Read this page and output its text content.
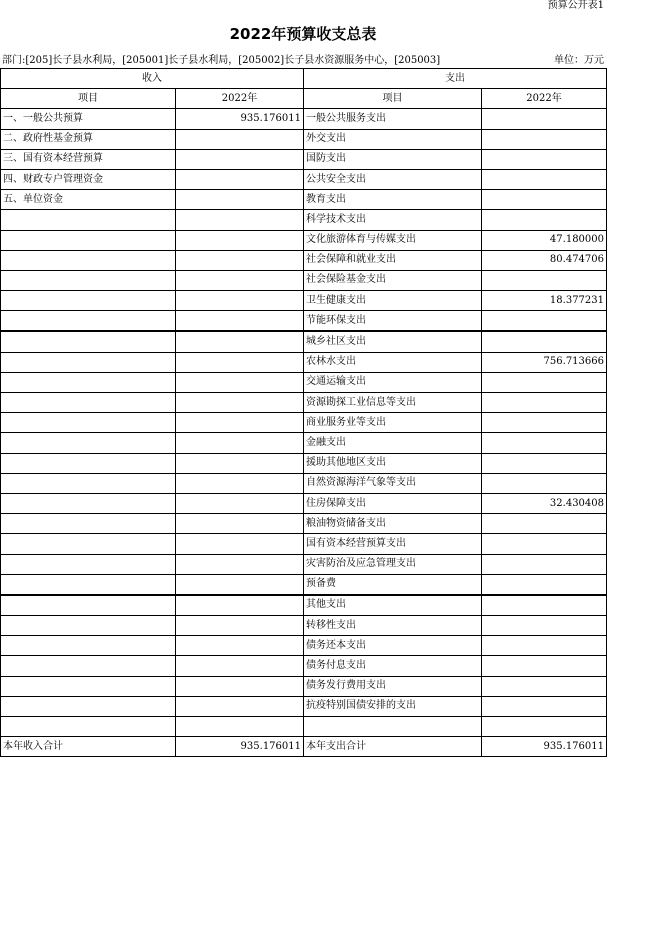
预算公开表1
2022年预算收支总表
部门:[205]长子县水利局，[205001]长子县水利局，[205002]长子县水资源服务中心，[205003]	单位：万元
收入		支出	
项目	2022年	项目	2022年
一、一般公共预算	935.176011	一般公共服务支出	
二、政府性基金预算		外交支出	
三、国有资本经营预算		国防支出	
四、财政专户管理资金		公共安全支出	
五、单位资金		教育支出	
		科学技术支出	
		文化旅游体育与传媒支出	47.180000
		社会保障和就业支出	80.474706
		社会保险基金支出	
		卫生健康支出	18.377231
		节能环保支出	
		城乡社区支出	
		农林水支出	756.713666
		交通运输支出	
		资源勘探工业信息等支出	
		商业服务业等支出	
		金融支出	
		援助其他地区支出	
		自然资源海洋气象等支出	
		住房保障支出	32.430408
		粮油物资储备支出	
		国有资本经营预算支出	
		灾害防治及应急管理支出	
		预备费	
		其他支出	
		转移性支出	
		债务还本支出	
		债务付息支出	
		债务发行费用支出	
		抗疫特别国债安排的支出	

本年收入合计	935.176011	本年支出合计	935.176011
